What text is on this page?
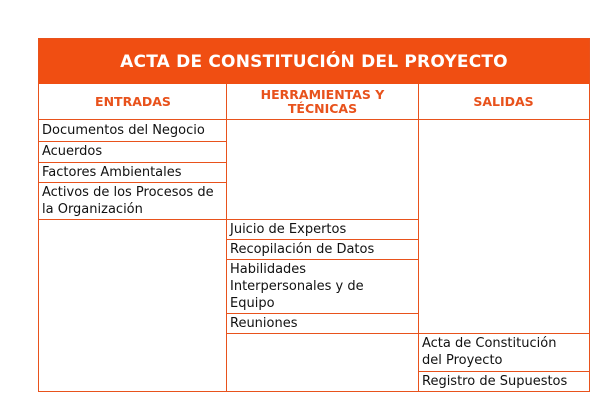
ACTA DE CONSTITUCIÓN DEL PROYECTO
ENTRADAS	HERRAMIENTAS Y
TÉCNICAS	SALIDAS
Documentos del Negocio
Acuerdos
Factores Ambientales
Activos de los Procesos de
la Organización
Juicio de Expertos
Recopilación de Datos
Habilidades
Interpersonales y de
Equipo
Reuniones
Acta de Constitución
del Proyecto
Registro de Supuestos
